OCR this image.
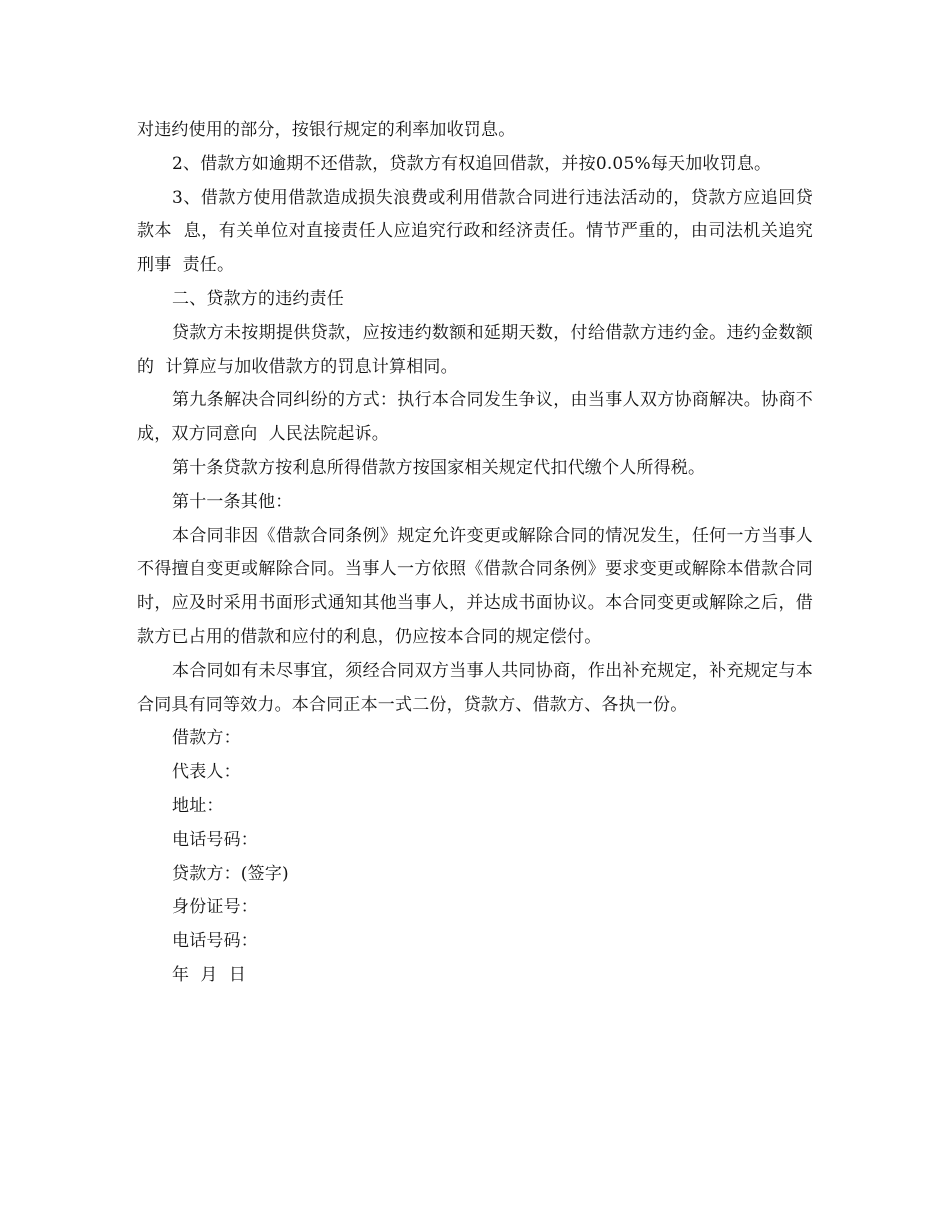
对违约使用的部分，按银行规定的利率加收罚息。

2、借款方如逾期不还借款，贷款方有权追回借款，并按0.05%每天加收罚息。

3、借款方使用借款造成损失浪费或利用借款合同进行违法活动的，贷款方应追回贷款本  息，有关单位对直接责任人应追究行政和经济责任。情节严重的，由司法机关追究刑事  责任。

二、贷款方的违约责任

贷款方未按期提供贷款，应按违约数额和延期天数，付给借款方违约金。违约金数额的  计算应与加收借款方的罚息计算相同。

第九条解决合同纠纷的方式：执行本合同发生争议，由当事人双方协商解决。协商不成，双方同意向  人民法院起诉。

第十条贷款方按利息所得借款方按国家相关规定代扣代缴个人所得税。

第十一条其他：

本合同非因《借款合同条例》规定允许变更或解除合同的情况发生，任何一方当事人不得擅自变更或解除合同。当事人一方依照《借款合同条例》要求变更或解除本借款合同时，应及时采用书面形式通知其他当事人，并达成书面协议。本合同变更或解除之后，借款方已占用的借款和应付的利息，仍应按本合同的规定偿付。

本合同如有未尽事宜，须经合同双方当事人共同协商，作出补充规定，补充规定与本合同具有同等效力。本合同正本一式二份，贷款方、借款方、各执一份。

借款方：

代表人：

地址：

电话号码：

贷款方：(签字)

身份证号：

电话号码：

年  月  日
